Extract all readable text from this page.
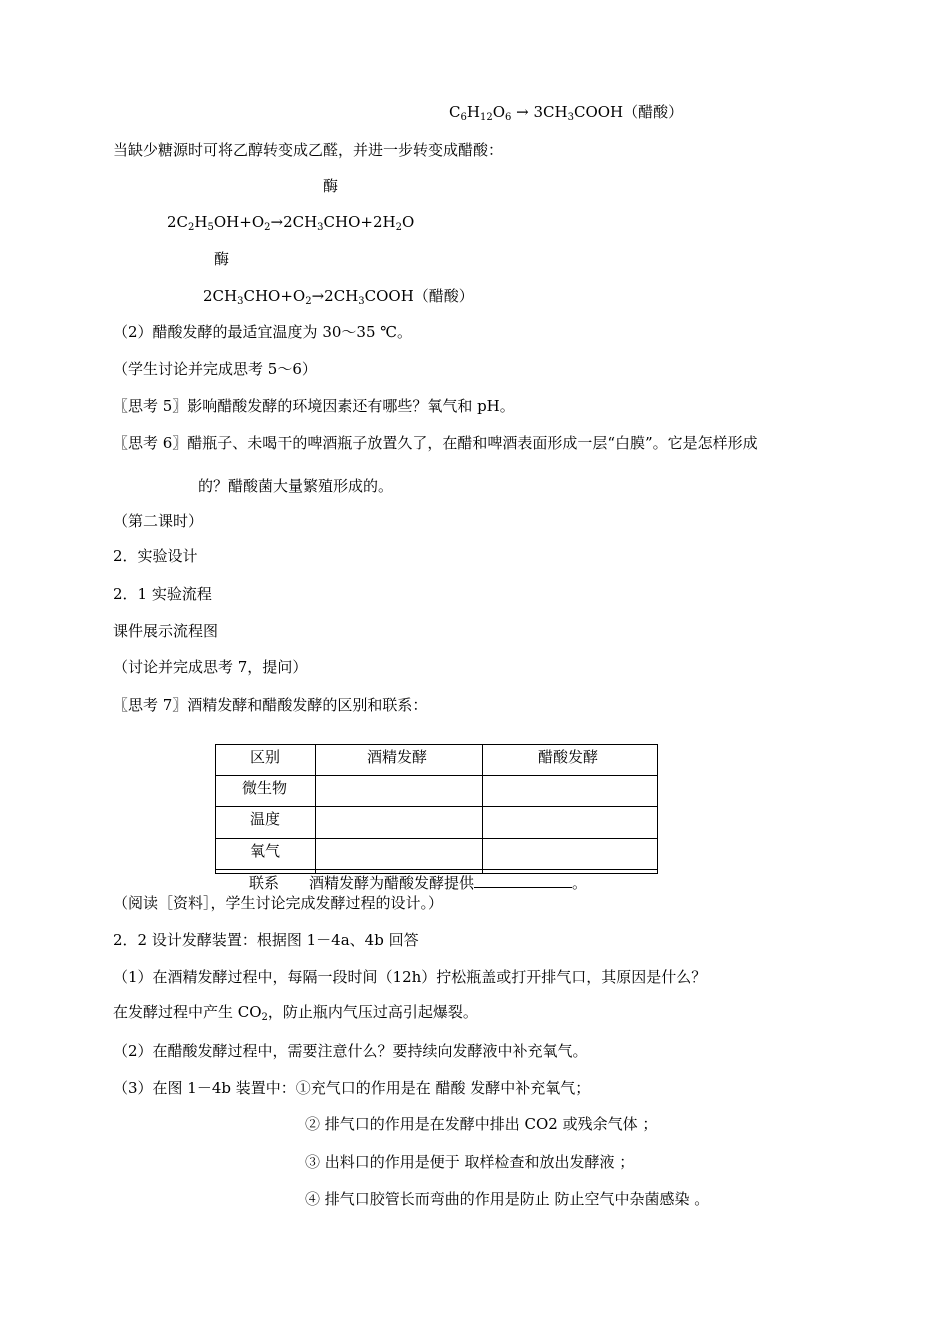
$C_6H_{12}O_6$ → $3CH_3COOH$（醋酸）
当缺少糖源时可将乙醇转变成乙醛，并进一步转变成醋酸：
酶
$2C_2H_5OH+O_2\to 2CH_3CHO+2H_2O$
酶
$2CH_3CHO+O_2\to 2CH_3COOH$（醋酸）
（2）醋酸发酵的最适宜温度为 30～35 ℃。
（学生讨论并完成思考 5～6）
〖思考 5〗影响醋酸发酵的环境因素还有哪些？氧气和 pH。
〖思考 6〗醋瓶子、未喝干的啤酒瓶子放置久了，在醋和啤酒表面形成一层“白膜”。它是怎样形成
的？醋酸菌大量繁殖形成的。
（第二课时）
2．实验设计
2．1 实验流程
课件展示流程图
（讨论并完成思考 7，提问）
〖思考 7〗酒精发酵和醋酸发酵的区别和联系：
区别	酒精发酵	醋酸发酵
微生物
温度
氧气
联系 酒精发酵为醋酸发酵提供	。
（阅读［资料］，学生讨论完成发酵过程的设计。）
2．2 设计发酵装置：根据图 1－4a、4b 回答
（1）在酒精发酵过程中，每隔一段时间（12h）拧松瓶盖或打开排气口，其原因是什么？
在发酵过程中产生 $CO_2$，防止瓶内气压过高引起爆裂。
（2）在醋酸发酵过程中，需要注意什么？要持续向发酵液中补充氧气。
（3）在图 1－4b 装置中：①充气口的作用是在 醋酸 发酵中补充氧气；
② 排气口的作用是在发酵中排出 CO2 或残余气体 ；
③ 出料口的作用是便于 取样检查和放出发酵液 ；
④ 排气口胶管长而弯曲的作用是防止 防止空气中杂菌感染 。
